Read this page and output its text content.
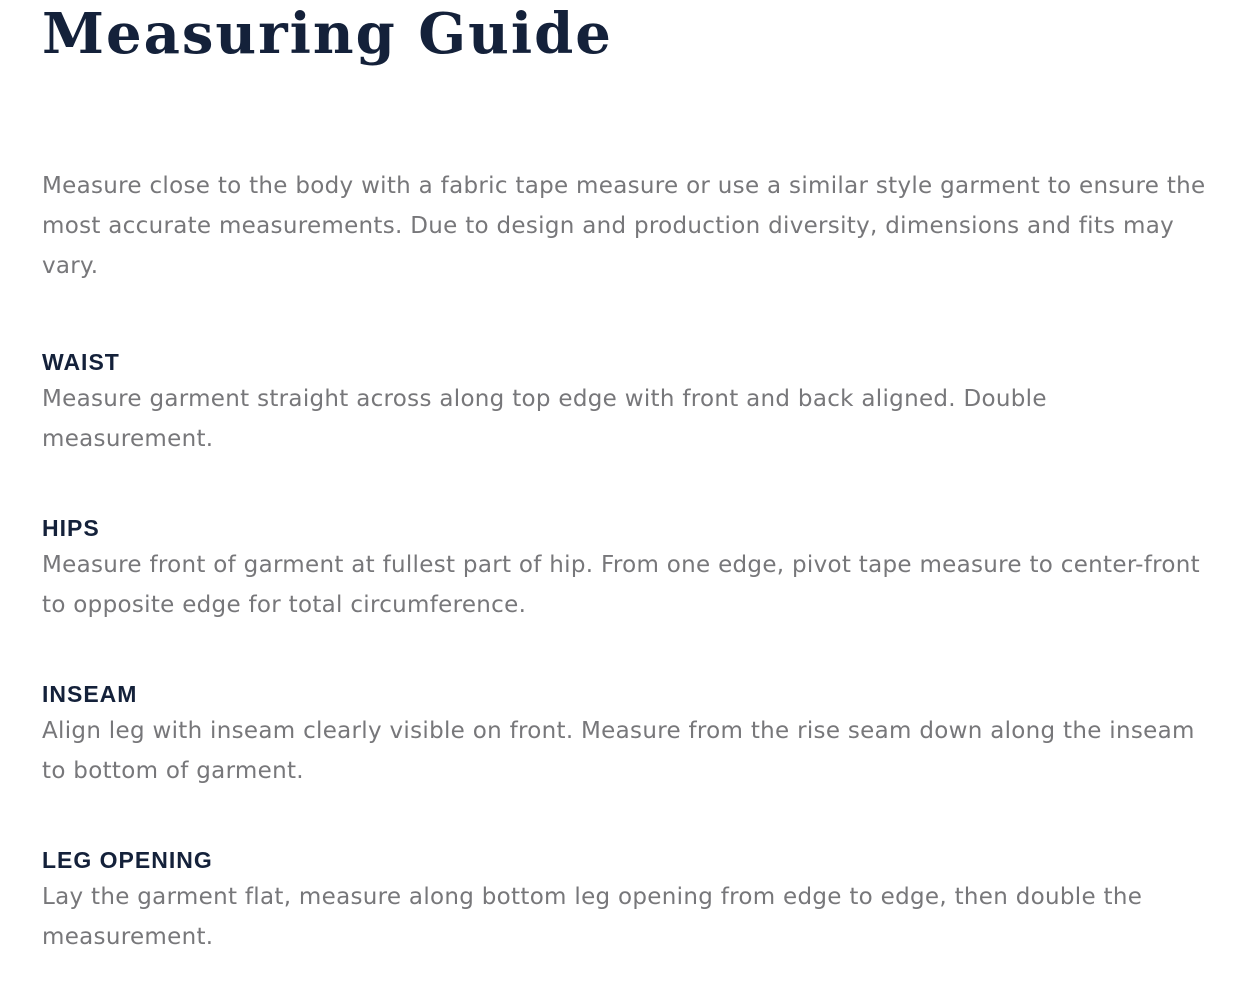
Measuring Guide

Measure close to the body with a fabric tape measure or use a similar style garment to ensure the most accurate measurements. Due to design and production diversity, dimensions and fits may vary.

WAIST

Measure garment straight across along top edge with front and back aligned. Double measurement.

HIPS

Measure front of garment at fullest part of hip. From one edge, pivot tape measure to center-front to opposite edge for total circumference.

INSEAM

Align leg with inseam clearly visible on front. Measure from the rise seam down along the inseam to bottom of garment.

LEG OPENING

Lay the garment flat, measure along bottom leg opening from edge to edge, then double the measurement.
